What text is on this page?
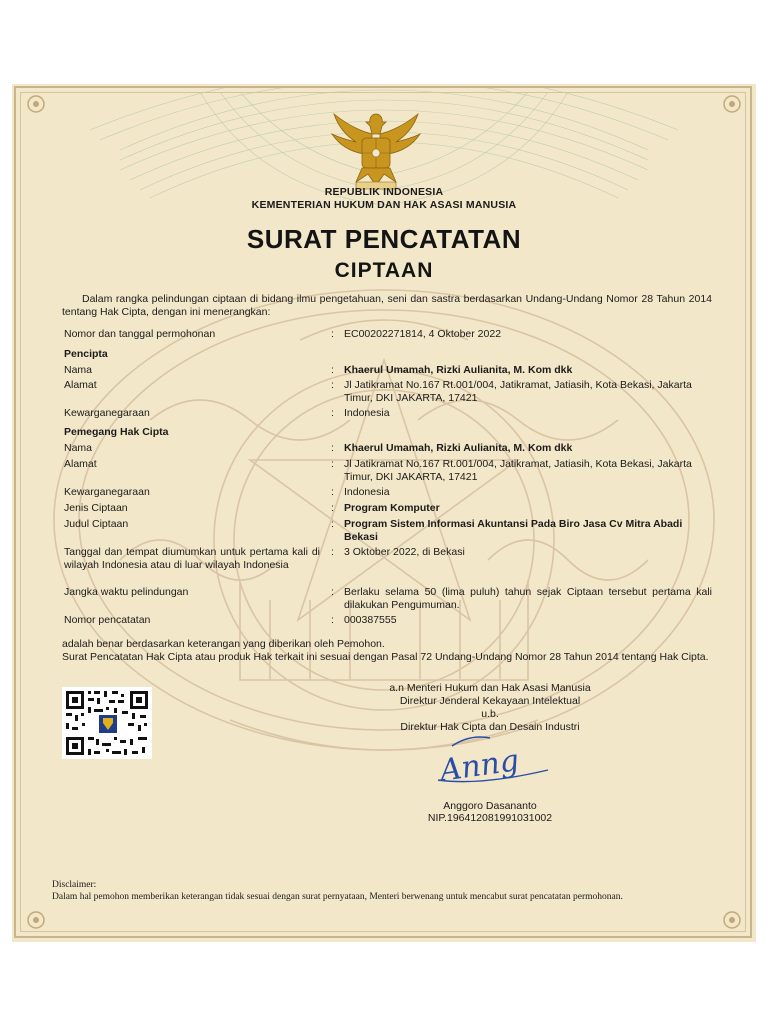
REPUBLIK INDONESIA
KEMENTERIAN HUKUM DAN HAK ASASI MANUSIA
SURAT PENCATATAN
CIPTAAN
Dalam rangka pelindungan ciptaan di bidang ilmu pengetahuan, seni dan sastra berdasarkan Undang-Undang Nomor 28 Tahun 2014 tentang Hak Cipta, dengan ini menerangkan:
Nomor dan tanggal permohonan	: EC00202271814, 4 Oktober 2022
Pencipta
Nama	: Khaerul Umamah, Rizki Aulianita, M. Kom dkk
Alamat	: Jl Jatikramat No.167 Rt.001/004, Jatikramat, Jatiasih, Kota Bekasi, Jakarta Timur, DKI JAKARTA, 17421
Kewarganegaraan	: Indonesia
Pemegang Hak Cipta
Nama	: Khaerul Umamah, Rizki Aulianita, M. Kom dkk
Alamat	: Jl Jatikramat No.167 Rt.001/004, Jatikramat, Jatiasih, Kota Bekasi, Jakarta Timur, DKI JAKARTA, 17421
Kewarganegaraan	: Indonesia
Jenis Ciptaan	: Program Komputer
Judul Ciptaan	: Program Sistem Informasi Akuntansi Pada Biro Jasa Cv Mitra Abadi Bekasi
Tanggal dan tempat diumumkan untuk pertama kali di wilayah Indonesia atau di luar wilayah Indonesia
: 3 Oktober 2022, di Bekasi
Jangka waktu pelindungan	: Berlaku selama 50 (lima puluh) tahun sejak Ciptaan tersebut pertama kali dilakukan Pengumuman.
Nomor pencatatan	: 000387555
adalah benar berdasarkan keterangan yang diberikan oleh Pemohon.
Surat Pencatatan Hak Cipta atau produk Hak terkait ini sesuai dengan Pasal 72 Undang-Undang Nomor 28 Tahun 2014 tentang Hak Cipta.
a.n Menteri Hukum dan Hak Asasi Manusia
Direktur Jenderal Kekayaan Intelektual
u.b.
Direktur Hak Cipta dan Desain Industri
Anng
Anggoro Dasananto
NIP.196412081991031002
Disclaimer:
Dalam hal pemohon memberikan keterangan tidak sesuai dengan surat pernyataan, Menteri berwenang untuk mencabut surat pencatatan permohonan.
